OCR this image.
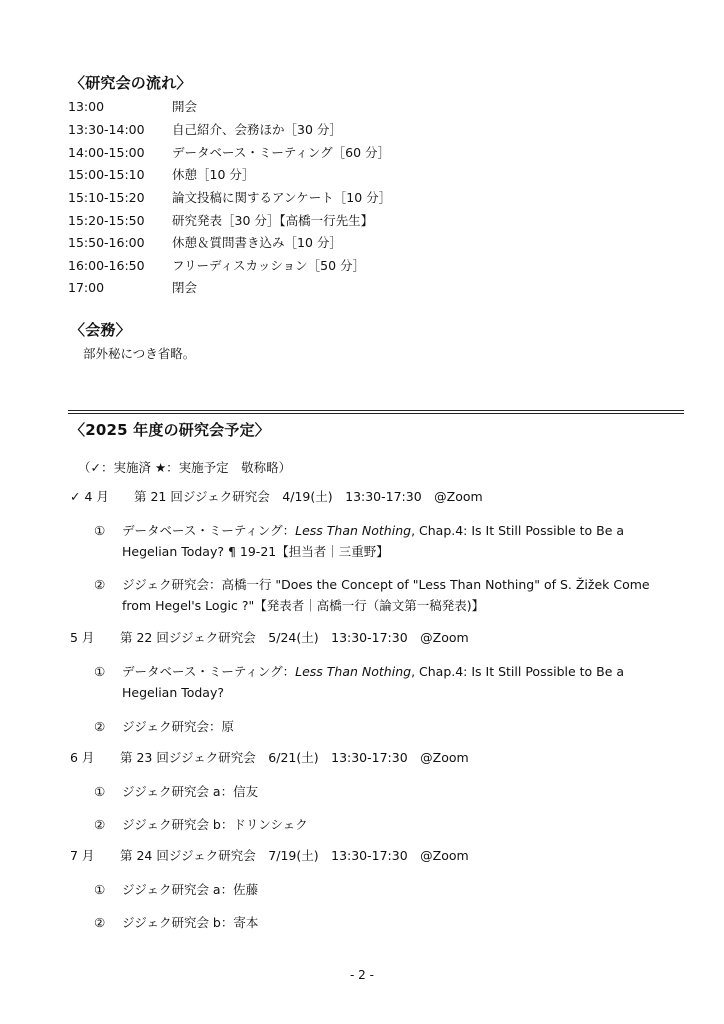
〈研究会の流れ〉
13:00	開会
13:30-14:00 自己紹介、会務ほか［30 分］
14:00-15:00 データベース・ミーティング［60 分］
15:00-15:10 休憩［10 分］
15:10-15:20 論文投稿に関するアンケート［10 分］
15:20-15:50 研究発表［30 分］【高橋一行先生】
15:50-16:00 休憩＆質問書き込み［10 分］
16:00-16:50 フリーディスカッション［50 分］
17:00	閉会
〈会務〉
部外秘につき省略。
〈2025 年度の研究会予定〉
（✓：実施済 ★：実施予定　敬称略）
✓ 4 月 第 21 回ジジェク研究会　4/19(土)　13:30-17:30　@Zoom
① データベース・ミーティング：Less Than Nothing, Chap.4: Is It Still Possible to Be a Hegelian Today? ¶ 19-21【担当者｜三重野】
② ジジェク研究会：高橋一行 "Does the Concept of "Less Than Nothing" of S. Žižek Come from Hegel's Logic ?"【発表者｜高橋一行（論文第一稿発表)】
5 月 第 22 回ジジェク研究会　5/24(土)　13:30-17:30　@Zoom
① データベース・ミーティング：Less Than Nothing, Chap.4: Is It Still Possible to Be a Hegelian Today?
② ジジェク研究会：原
6 月 第 23 回ジジェク研究会　6/21(土)　13:30-17:30　@Zoom
① ジジェク研究会 a：信友
② ジジェク研究会 b：ドリンシェク
7 月 第 24 回ジジェク研究会　7/19(土)　13:30-17:30　@Zoom
① ジジェク研究会 a：佐藤
② ジジェク研究会 b：寄本
- 2 -
